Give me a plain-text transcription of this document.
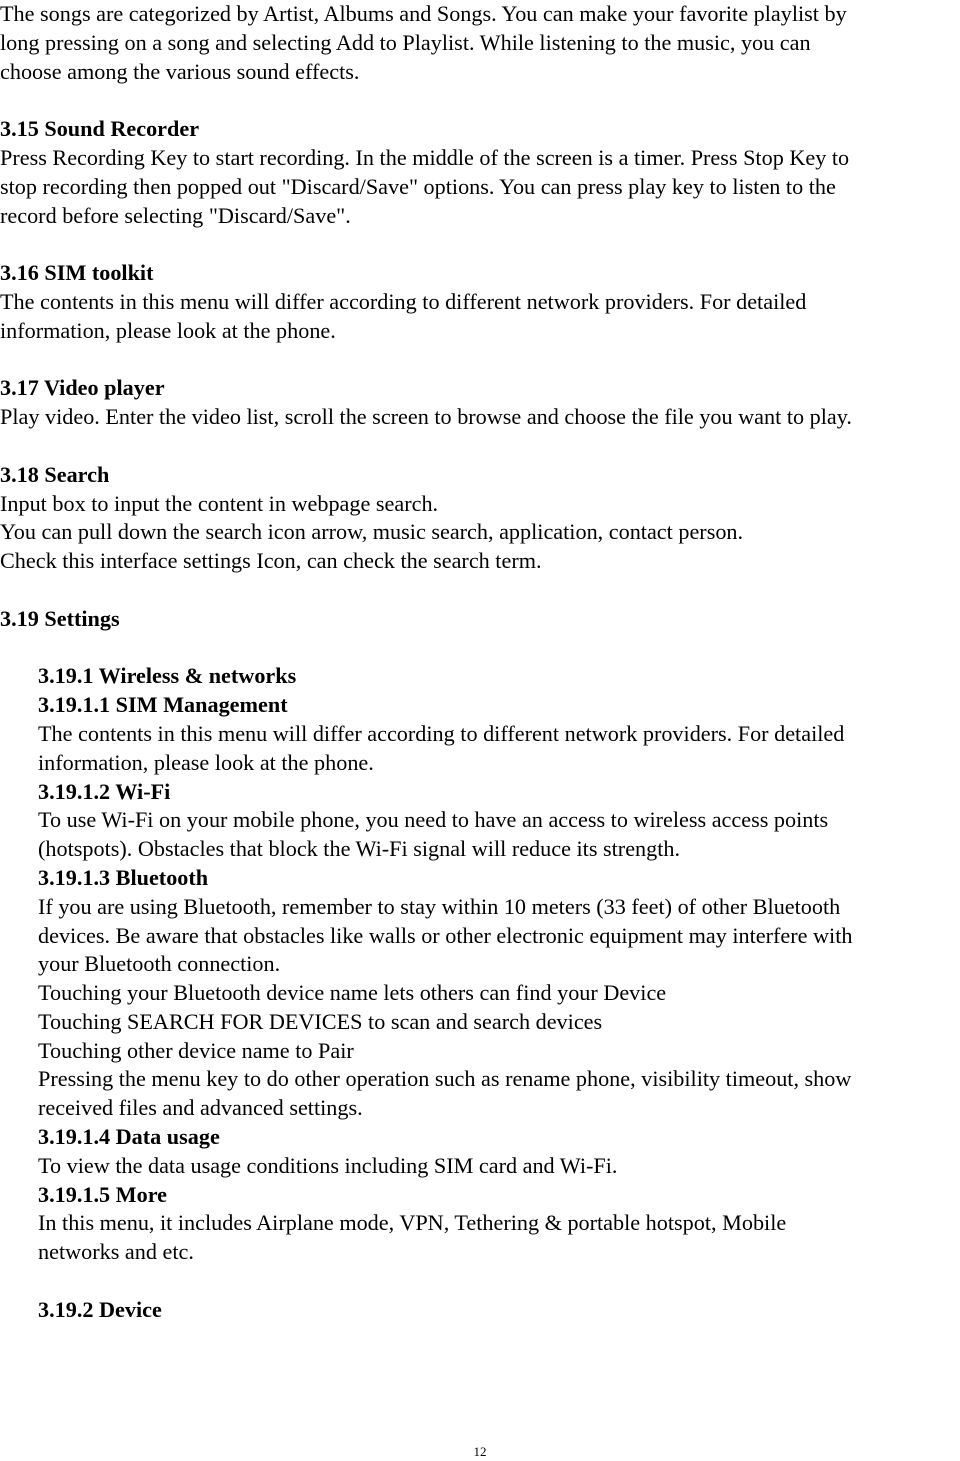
The songs are categorized by Artist, Albums and Songs. You can make your favorite playlist by
long pressing on a song and selecting Add to Playlist. While listening to the music, you can
choose among the various sound effects.
3.15 Sound Recorder
Press Recording Key to start recording. In the middle of the screen is a timer. Press Stop Key to
stop recording then popped out "Discard/Save" options. You can press play key to listen to the
record before selecting "Discard/Save".
3.16 SIM toolkit
The contents in this menu will differ according to different network providers. For detailed
information, please look at the phone.
3.17 Video player
Play video. Enter the video list, scroll the screen to browse and choose the file you want to play.
3.18 Search
Input box to input the content in webpage search.
You can pull down the search icon arrow, music search, application, contact person.
Check this interface settings Icon, can check the search term.
3.19 Settings
3.19.1 Wireless & networks
3.19.1.1 SIM Management
The contents in this menu will differ according to different network providers. For detailed
information, please look at the phone.
3.19.1.2 Wi-Fi
To use Wi-Fi on your mobile phone, you need to have an access to wireless access points
(hotspots). Obstacles that block the Wi-Fi signal will reduce its strength.
3.19.1.3 Bluetooth
If you are using Bluetooth, remember to stay within 10 meters (33 feet) of other Bluetooth
devices. Be aware that obstacles like walls or other electronic equipment may interfere with
your Bluetooth connection.
Touching your Bluetooth device name lets others can find your Device
Touching SEARCH FOR DEVICES to scan and search devices
Touching other device name to Pair
Pressing the menu key to do other operation such as rename phone, visibility timeout, show
received files and advanced settings.
3.19.1.4 Data usage
To view the data usage conditions including SIM card and Wi-Fi.
3.19.1.5 More
In this menu, it includes Airplane mode, VPN, Tethering & portable hotspot, Mobile
networks and etc.
3.19.2 Device
12
